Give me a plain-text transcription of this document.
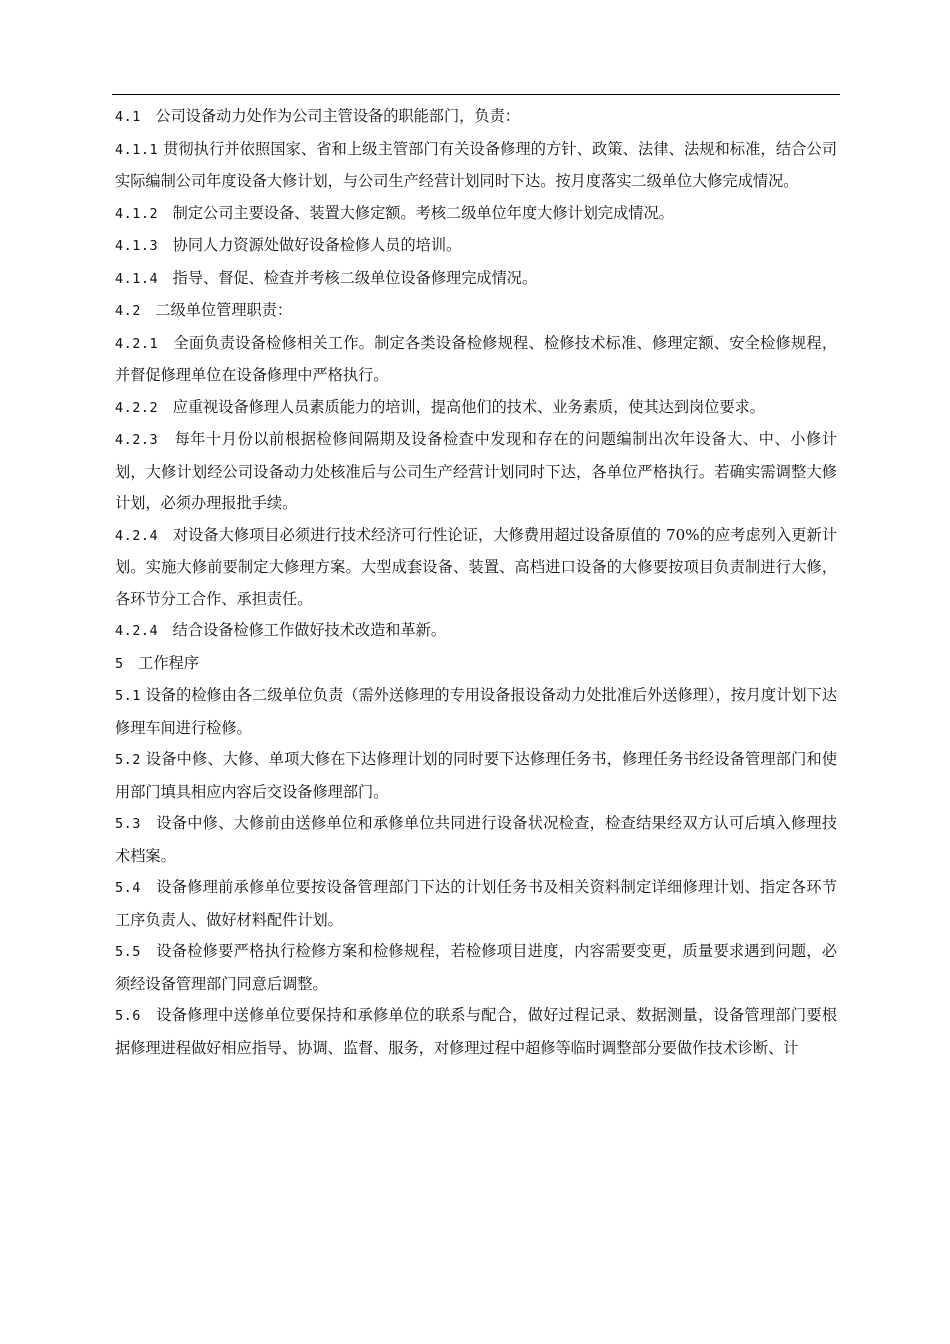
4.1 公司设备动力处作为公司主管设备的职能部门，负责：

4.1.1 贯彻执行并依照国家、省和上级主管部门有关设备修理的方针、政策、法律、法规和标准，结合公司实际编制公司年度设备大修计划，与公司生产经营计划同时下达。按月度落实二级单位大修完成情况。

4.1.2 制定公司主要设备、装置大修定额。考核二级单位年度大修计划完成情况。

4.1.3 协同人力资源处做好设备检修人员的培训。

4.1.4 指导、督促、检查并考核二级单位设备修理完成情况。

4.2 二级单位管理职责：

4.2.1 全面负责设备检修相关工作。制定各类设备检修规程、检修技术标准、修理定额、安全检修规程，并督促修理单位在设备修理中严格执行。

4.2.2 应重视设备修理人员素质能力的培训，提高他们的技术、业务素质，使其达到岗位要求。

4.2.3 每年十月份以前根据检修间隔期及设备检查中发现和存在的问题编制出次年设备大、中、小修计划，大修计划经公司设备动力处核准后与公司生产经营计划同时下达，各单位严格执行。若确实需调整大修计划，必须办理报批手续。

4.2.4 对设备大修项目必须进行技术经济可行性论证，大修费用超过设备原值的 70%的应考虑列入更新计划。实施大修前要制定大修理方案。大型成套设备、装置、高档进口设备的大修要按项目负责制进行大修，各环节分工合作、承担责任。

4.2.4 结合设备检修工作做好技术改造和革新。

5 工作程序

5.1 设备的检修由各二级单位负责（需外送修理的专用设备报设备动力处批准后外送修理），按月度计划下达修理车间进行检修。

5.2 设备中修、大修、单项大修在下达修理计划的同时要下达修理任务书，修理任务书经设备管理部门和使用部门填具相应内容后交设备修理部门。

5.3 设备中修、大修前由送修单位和承修单位共同进行设备状况检查，检查结果经双方认可后填入修理技术档案。

5.4 设备修理前承修单位要按设备管理部门下达的计划任务书及相关资料制定详细修理计划、指定各环节工序负责人、做好材料配件计划。

5.5 设备检修要严格执行检修方案和检修规程，若检修项目进度，内容需要变更，质量要求遇到问题，必须经设备管理部门同意后调整。

5.6 设备修理中送修单位要保持和承修单位的联系与配合，做好过程记录、数据测量，设备管理部门要根据修理进程做好相应指导、协调、监督、服务，对修理过程中超修等临时调整部分要做作技术诊断、计
